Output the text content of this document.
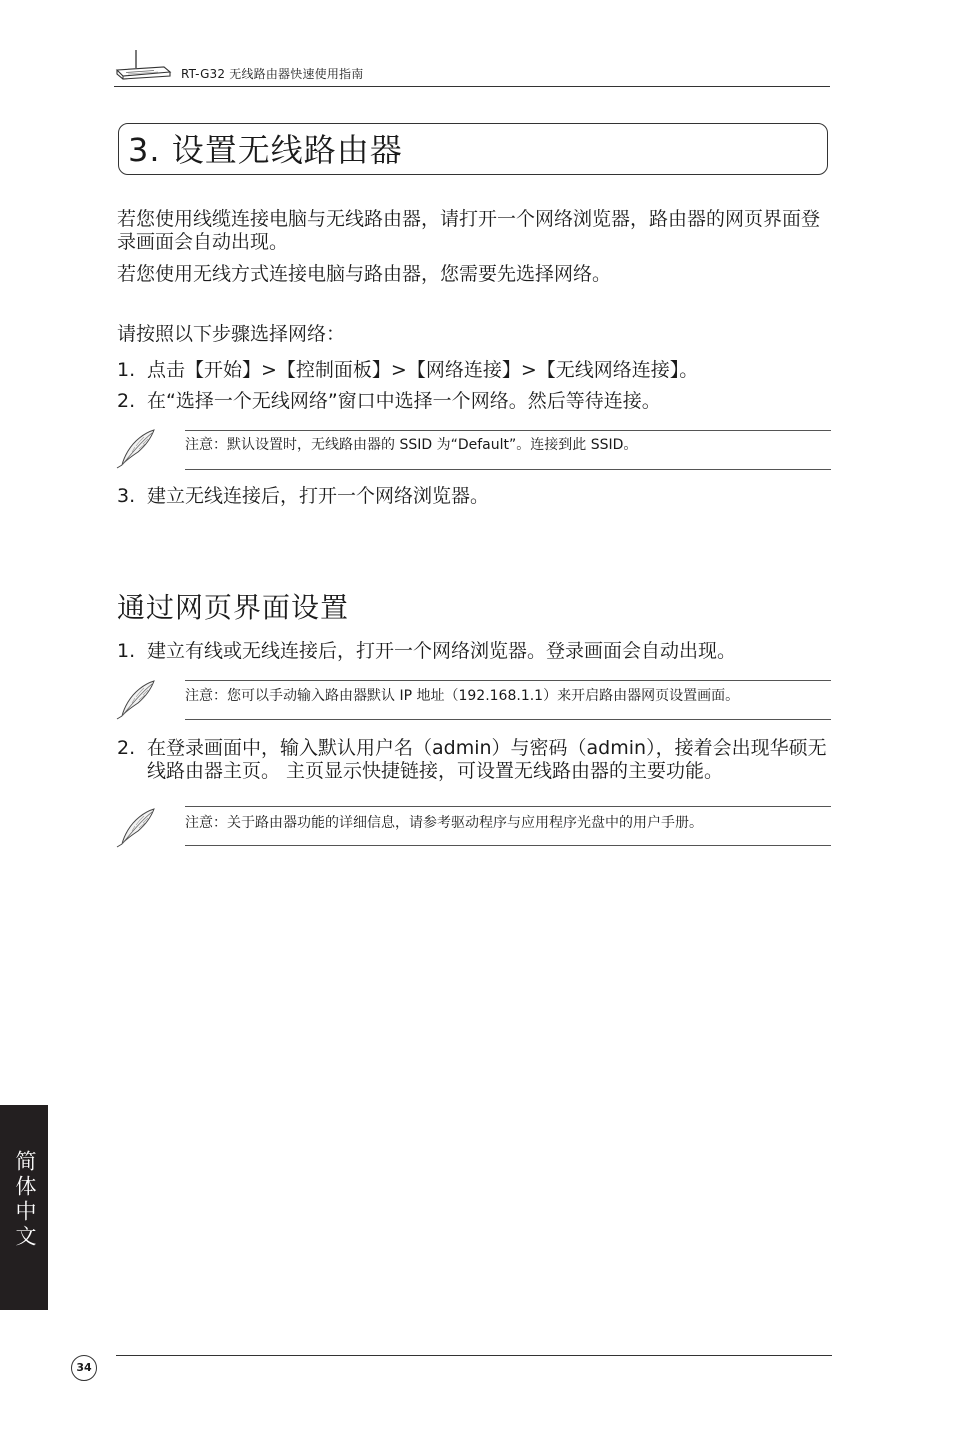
RT-G32 无线路由器快速使用指南
3. 设置无线路由器
若您使用线缆连接电脑与无线路由器，请打开一个网络浏览器，路由器的网页界面登录画面会自动出现。
若您使用无线方式连接电脑与路由器，您需要先选择网络。
请按照以下步骤选择网络：
1. 点击【开始】>【控制面板】>【网络连接】>【无线网络连接】。
2. 在“选择一个无线网络”窗口中选择一个网络。然后等待连接。
注意：默认设置时，无线路由器的 SSID 为“Default”。连接到此 SSID。
3. 建立无线连接后，打开一个网络浏览器。
通过网页界面设置
1. 建立有线或无线连接后，打开一个网络浏览器。登录画面会自动出现。
注意：您可以手动输入路由器默认 IP 地址（192.168.1.1）来开启路由器网页设置画面。
2. 在登录画面中，输入默认用户名（admin）与密码（admin），接着会出现华硕无线路由器主页。 主页显示快捷链接，可设置无线路由器的主要功能。
注意：关于路由器功能的详细信息，请参考驱动程序与应用程序光盘中的用户手册。
简体中文
34
